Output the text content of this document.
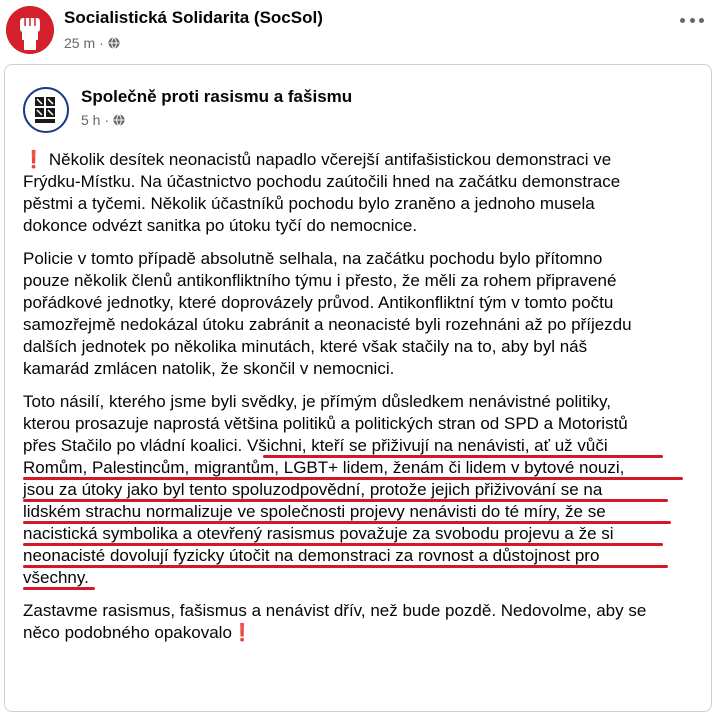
Socialistická Solidarita (SocSol)
25 m ·
Společně proti rasismu a fašismu
5 h ·

❗ Několik desítek neonacistů napadlo včerejší antifašistickou demonstraci ve
Frýdku-Místku. Na účastnictvo pochodu zaútočili hned na začátku demonstrace
pěstmi a tyčemi. Několik účastníků pochodu bylo zraněno a jednoho musela
dokonce odvézt sanitka po útoku tyčí do nemocnice.

Policie v tomto případě absolutně selhala, na začátku pochodu bylo přítomno
pouze několik členů antikonfliktního týmu i přesto, že měli za rohem připravené
pořádkové jednotky, které doprovázely průvod. Antikonfliktní tým v tomto počtu
samozřejmě nedokázal útoku zabránit a neonacisté byli rozehnáni až po příjezdu
dalších jednotek po několika minutách, které však stačily na to, aby byl náš
kamarád zmlácen natolik, že skončil v nemocnici.

Toto násilí, kterého jsme byli svědky, je přímým důsledkem nenávistné politiky,
kterou prosazuje naprostá většina politiků a politických stran od SPD a Motoristů
přes Stačilo po vládní koalici. Všichni, kteří se přiživují na nenávisti, ať už vůči
Romům, Palestincům, migrantům, LGBT+ lidem, ženám či lidem v bytové nouzi,
jsou za útoky jako byl tento spoluzodpovědní, protože jejich přiživování se na
lidském strachu normalizuje ve společnosti projevy nenávisti do té míry, že se
nacistická symbolika a otevřený rasismus považuje za svobodu projevu a že si
neonacisté dovolují fyzicky útočit na demonstraci za rovnost a důstojnost pro
všechny.

Zastavme rasismus, fašismus a nenávist dřív, než bude pozdě. Nedovolme, aby se
něco podobného opakovalo❗
